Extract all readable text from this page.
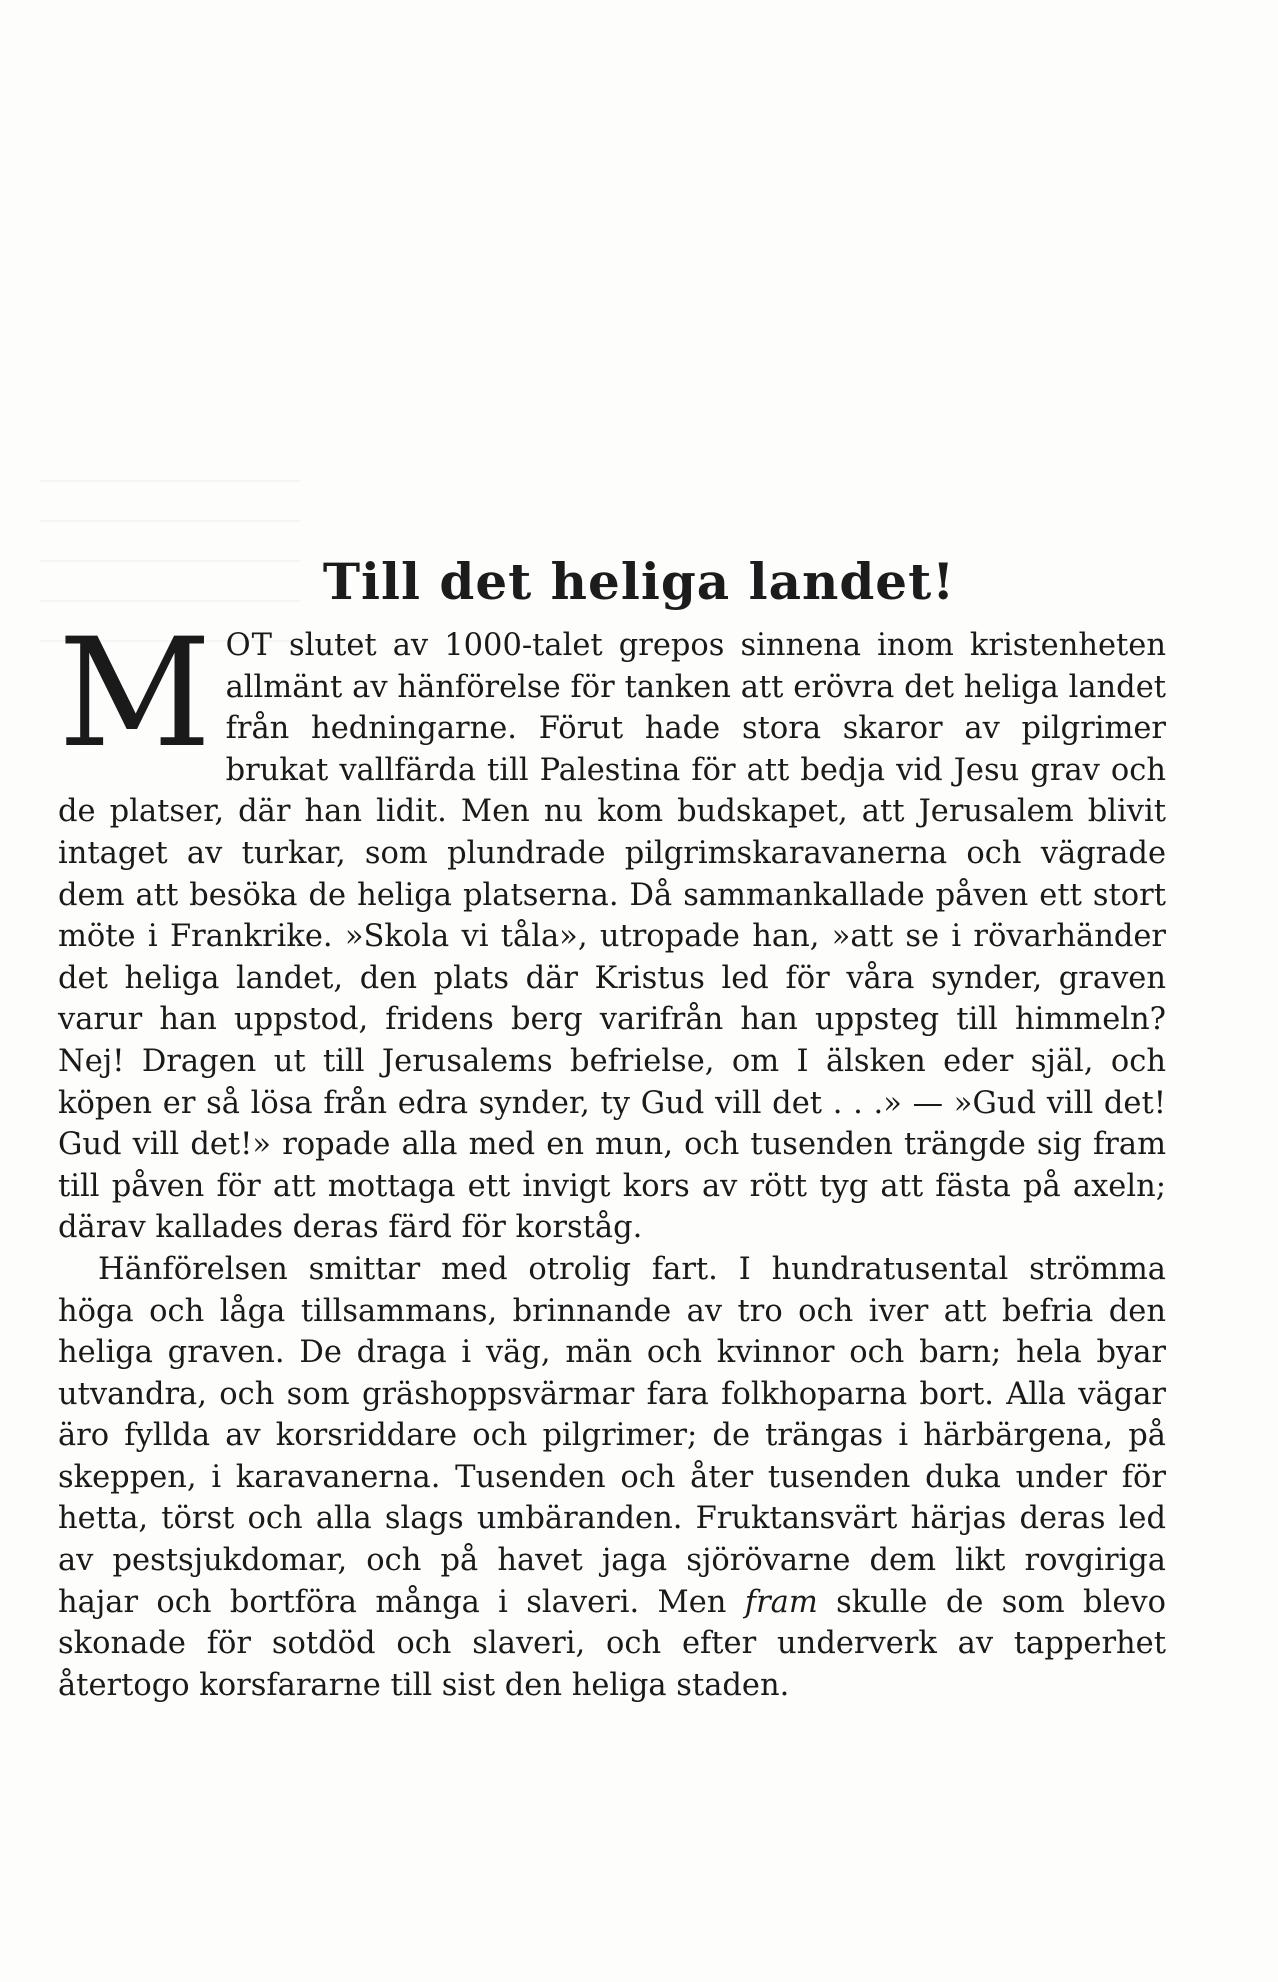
Till det heliga landet!

MOT slutet av 1000-talet grepos sinnena inom kristenheten allmänt av hänförelse för tanken att erövra det heliga landet från hedningarne. Förut hade stora skaror av pilgrimer brukat vallfärda till Palestina för att bedja vid Jesu grav och de platser, där han lidit. Men nu kom budskapet, att Jerusalem blivit intaget av turkar, som plundrade pilgrimskaravanerna och vägrade dem att besöka de heliga platserna. Då sammankallade påven ett stort möte i Frankrike. »Skola vi tåla», utropade han, »att se i rövarhänder det heliga landet, den plats där Kristus led för våra synder, graven varur han uppstod, fridens berg varifrån han uppsteg till himmeln? Nej! Dragen ut till Jerusalems befrielse, om I älsken eder själ, och köpen er så lösa från edra synder, ty Gud vill det . . .» — »Gud vill det! Gud vill det!» ropade alla med en mun, och tusenden trängde sig fram till påven för att mottaga ett invigt kors av rött tyg att fästa på axeln; därav kallades deras färd för korståg.

Hänförelsen smittar med otrolig fart. I hundratusental strömma höga och låga tillsammans, brinnande av tro och iver att befria den heliga graven. De draga i väg, män och kvinnor och barn; hela byar utvandra, och som gräshoppsvärmar fara folkhoparna bort. Alla vägar äro fyllda av korsriddare och pilgrimer; de trängas i härbärgena, på skeppen, i karavanerna. Tusenden och åter tusenden duka under för hetta, törst och alla slags umbäranden. Fruktansvärt härjas deras led av pestsjukdomar, och på havet jaga sjörövarne dem likt rovgiriga hajar och bortföra många i slaveri. Men fram skulle de som blevo skonade för sotdöd och slaveri, och efter underverk av tapperhet återtogo korsfararne till sist den heliga staden.
